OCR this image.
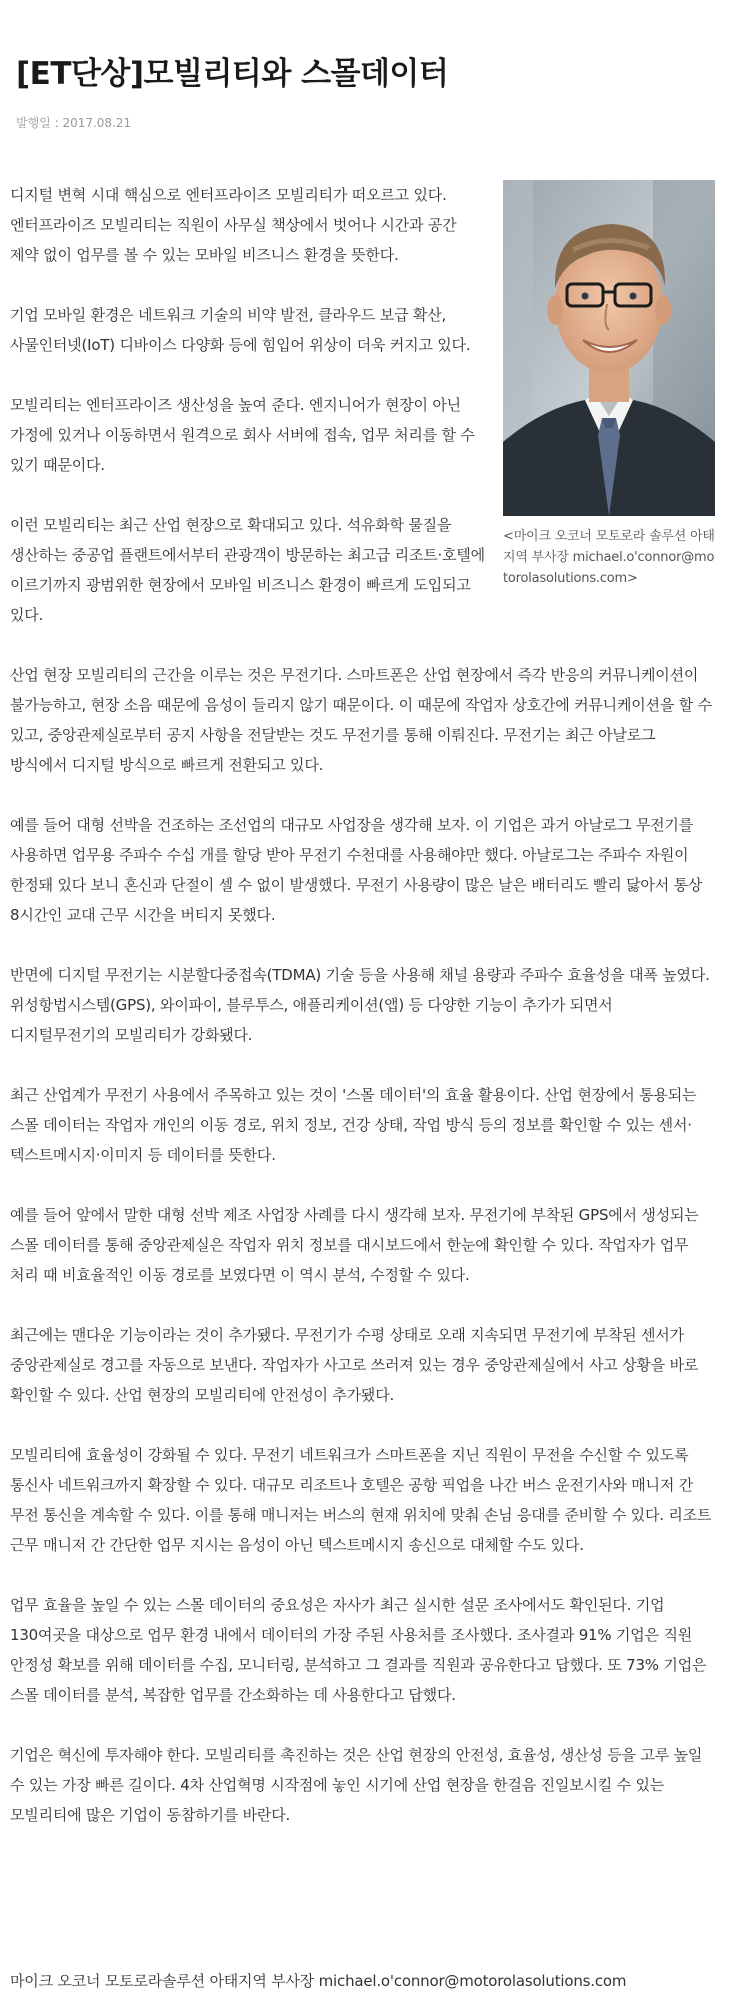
[ET단상]모빌리티와 스몰데이터
발행일 : 2017.08.21
<마이크 오코너 모토로라 솔루션 아태지역 부사장 michael.o'connor@motorolasolutions.com>

디지털 변혁 시대 핵심으로 엔터프라이즈 모빌리티가 떠오르고 있다. 엔터프라이즈 모빌리티는 직원이 사무실 책상에서 벗어나 시간과 공간 제약 없이 업무를 볼 수 있는 모바일 비즈니스 환경을 뜻한다.

기업 모바일 환경은 네트워크 기술의 비약 발전, 클라우드 보급 확산, 사물인터넷(IoT) 디바이스 다양화 등에 힘입어 위상이 더욱 커지고 있다.

모빌리티는 엔터프라이즈 생산성을 높여 준다. 엔지니어가 현장이 아닌 가정에 있거나 이동하면서 원격으로 회사 서버에 접속, 업무 처리를 할 수 있기 때문이다.

이런 모빌리티는 최근 산업 현장으로 확대되고 있다. 석유화학 물질을 생산하는 중공업 플랜트에서부터 관광객이 방문하는 최고급 리조트·호텔에 이르기까지 광범위한 현장에서 모바일 비즈니스 환경이 빠르게 도입되고 있다.

산업 현장 모빌리티의 근간을 이루는 것은 무전기다. 스마트폰은 산업 현장에서 즉각 반응의 커뮤니케이션이 불가능하고, 현장 소음 때문에 음성이 들리지 않기 때문이다. 이 때문에 작업자 상호간에 커뮤니케이션을 할 수 있고, 중앙관제실로부터 공지 사항을 전달받는 것도 무전기를 통해 이뤄진다. 무전기는 최근 아날로그 방식에서 디지털 방식으로 빠르게 전환되고 있다.

예를 들어 대형 선박을 건조하는 조선업의 대규모 사업장을 생각해 보자. 이 기업은 과거 아날로그 무전기를 사용하면 업무용 주파수 수십 개를 할당 받아 무전기 수천대를 사용해야만 했다. 아날로그는 주파수 자원이 한정돼 있다 보니 혼신과 단절이 셀 수 없이 발생했다. 무전기 사용량이 많은 날은 배터리도 빨리 닳아서 통상 8시간인 교대 근무 시간을 버티지 못했다.

반면에 디지털 무전기는 시분할다중접속(TDMA) 기술 등을 사용해 채널 용량과 주파수 효율성을 대폭 높였다. 위성항법시스템(GPS), 와이파이, 블루투스, 애플리케이션(앱) 등 다양한 기능이 추가가 되면서 디지털무전기의 모빌리티가 강화됐다.

최근 산업계가 무전기 사용에서 주목하고 있는 것이 '스몰 데이터'의 효율 활용이다. 산업 현장에서 통용되는 스몰 데이터는 작업자 개인의 이동 경로, 위치 정보, 건강 상태, 작업 방식 등의 정보를 확인할 수 있는 센서·텍스트메시지·이미지 등 데이터를 뜻한다.

예를 들어 앞에서 말한 대형 선박 제조 사업장 사례를 다시 생각해 보자. 무전기에 부착된 GPS에서 생성되는 스몰 데이터를 통해 중앙관제실은 작업자 위치 정보를 대시보드에서 한눈에 확인할 수 있다. 작업자가 업무 처리 때 비효율적인 이동 경로를 보였다면 이 역시 분석, 수정할 수 있다.

최근에는 맨다운 기능이라는 것이 추가됐다. 무전기가 수평 상태로 오래 지속되면 무전기에 부착된 센서가 중앙관제실로 경고를 자동으로 보낸다. 작업자가 사고로 쓰러져 있는 경우 중앙관제실에서 사고 상황을 바로 확인할 수 있다. 산업 현장의 모빌리티에 안전성이 추가됐다.

모빌리티에 효율성이 강화될 수 있다. 무전기 네트워크가 스마트폰을 지닌 직원이 무전을 수신할 수 있도록 통신사 네트워크까지 확장할 수 있다. 대규모 리조트나 호텔은 공항 픽업을 나간 버스 운전기사와 매니저 간 무전 통신을 계속할 수 있다. 이를 통해 매니저는 버스의 현재 위치에 맞춰 손님 응대를 준비할 수 있다. 리조트 근무 매니저 간 간단한 업무 지시는 음성이 아닌 텍스트메시지 송신으로 대체할 수도 있다.

업무 효율을 높일 수 있는 스몰 데이터의 중요성은 자사가 최근 실시한 설문 조사에서도 확인된다. 기업 130여곳을 대상으로 업무 환경 내에서 데이터의 가장 주된 사용처를 조사했다. 조사결과 91% 기업은 직원 안정성 확보를 위해 데이터를 수집, 모니터링, 분석하고 그 결과를 직원과 공유한다고 답했다. 또 73% 기업은 스몰 데이터를 분석, 복잡한 업무를 간소화하는 데 사용한다고 답했다.

기업은 혁신에 투자해야 한다. 모빌리티를 촉진하는 것은 산업 현장의 안전성, 효율성, 생산성 등을 고루 높일 수 있는 가장 빠른 길이다. 4차 산업혁명 시작점에 놓인 시기에 산업 현장을 한걸음 진일보시킬 수 있는 모빌리티에 많은 기업이 동참하기를 바란다.

마이크 오코너 모토로라솔루션 아태지역 부사장 michael.o'connor@motorolasolutions.com
